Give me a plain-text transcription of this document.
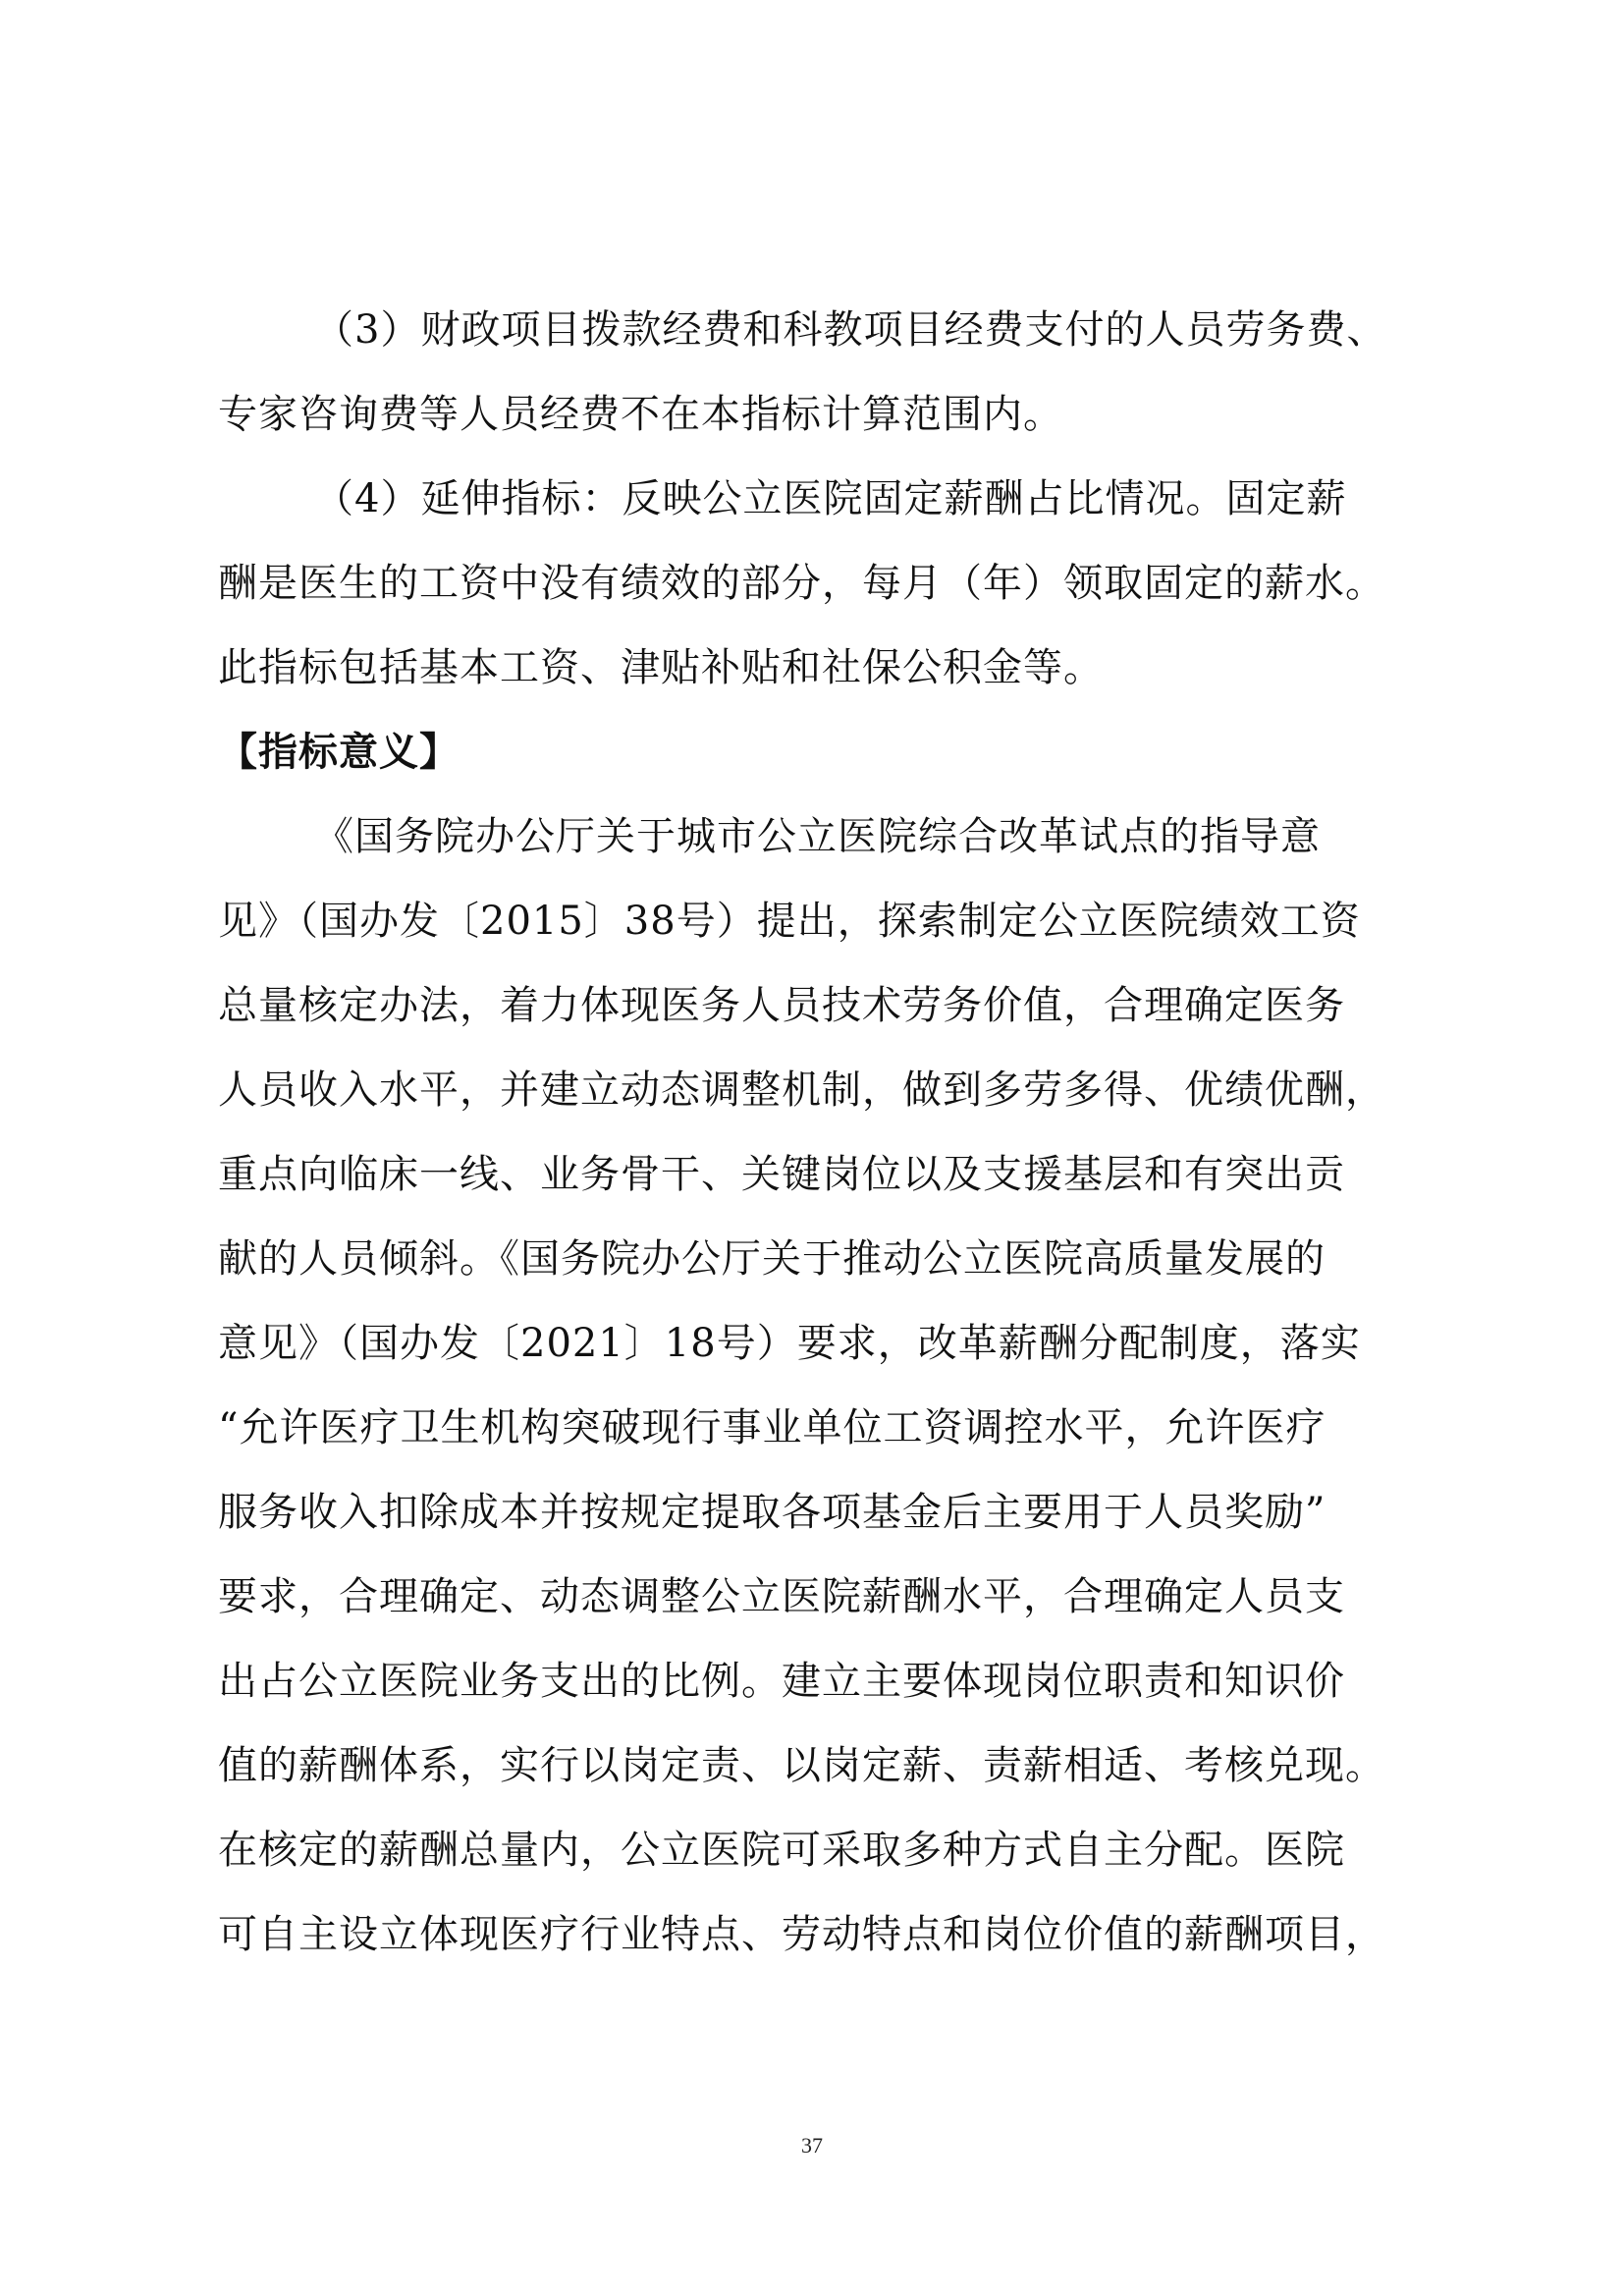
（3）财政项目拨款经费和科教项目经费支付的人员劳务费、
专家咨询费等人员经费不在本指标计算范围内。
（4）延伸指标：反映公立医院固定薪酬占比情况。固定薪
酬是医生的工资中没有绩效的部分，每月（年）领取固定的薪水。
此指标包括基本工资、津贴补贴和社保公积金等。
【指标意义】
《国务院办公厅关于城市公立医院综合改革试点的指导意
见》（国办发〔2015〕38号）提出，探索制定公立医院绩效工资
总量核定办法，着力体现医务人员技术劳务价值，合理确定医务
人员收入水平，并建立动态调整机制，做到多劳多得、优绩优酬，
重点向临床一线、业务骨干、关键岗位以及支援基层和有突出贡
献的人员倾斜。《国务院办公厅关于推动公立医院高质量发展的
意见》（国办发〔2021〕18号）要求，改革薪酬分配制度，落实
“允许医疗卫生机构突破现行事业单位工资调控水平，允许医疗
服务收入扣除成本并按规定提取各项基金后主要用于人员奖励”
要求，合理确定、动态调整公立医院薪酬水平，合理确定人员支
出占公立医院业务支出的比例。建立主要体现岗位职责和知识价
值的薪酬体系，实行以岗定责、以岗定薪、责薪相适、考核兑现。
在核定的薪酬总量内，公立医院可采取多种方式自主分配。医院
可自主设立体现医疗行业特点、劳动特点和岗位价值的薪酬项目，
37
